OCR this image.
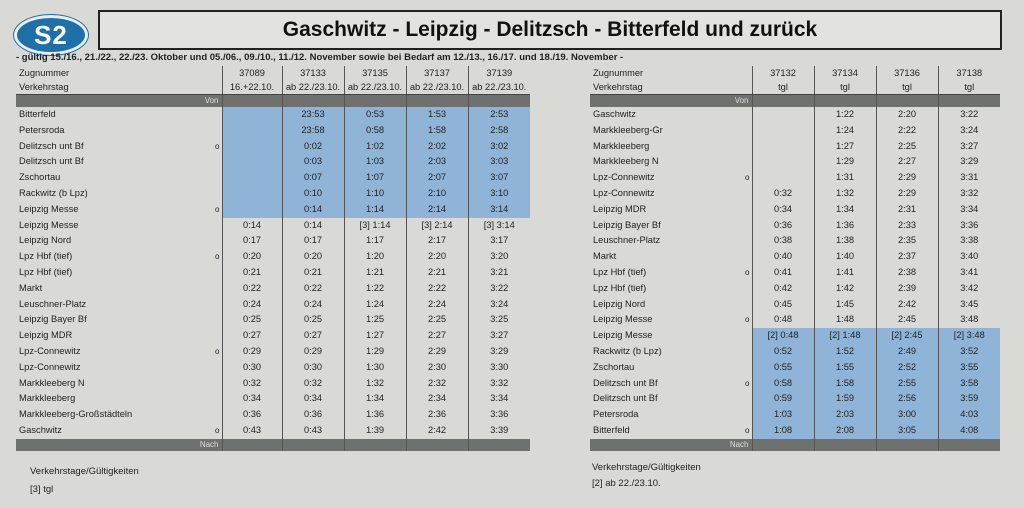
S2	Gaschwitz - Leipzig - Delitzsch - Bitterfeld und zurück
- gültig 15./16., 21./22., 22./23. Oktober und 05./06., 09./10., 11./12. November sowie bei Bedarf am 12./13., 16./17. und 18./19. November -
Zugnummer	37089	37133	37135	37137	37139
Verkehrstag	16.+22.10.	ab 22./23.10.	ab 22./23.10.	ab 22./23.10.	ab 22./23.10.
Von					
Bitterfeld		23:53	0:53	1:53	2:53
Petersroda		23:58	0:58	1:58	2:58
Delitzsch unt Bf o		0:02	1:02	2:02	3:02
Delitzsch unt Bf		0:03	1:03	2:03	3:03
Zschortau		0:07	1:07	2:07	3:07
Rackwitz (b Lpz)		0:10	1:10	2:10	3:10
Leipzig Messe o		0:14	1:14	2:14	3:14
Leipzig Messe	0:14	0:14	[3] 1:14	[3] 2:14	[3] 3:14
Leipzig Nord	0:17	0:17	1:17	2:17	3:17
Lpz Hbf (tief) o	0:20	0:20	1:20	2:20	3:20
Lpz Hbf (tief)	0:21	0:21	1:21	2:21	3:21
Markt	0:22	0:22	1:22	2:22	3:22
Leuschner-Platz	0:24	0:24	1:24	2:24	3:24
Leipzig Bayer Bf	0:25	0:25	1:25	2:25	3:25
Leipzig MDR	0:27	0:27	1:27	2:27	3:27
Lpz-Connewitz o	0:29	0:29	1:29	2:29	3:29
Lpz-Connewitz	0:30	0:30	1:30	2:30	3:30
Markkleeberg N	0:32	0:32	1:32	2:32	3:32
Markkleeberg	0:34	0:34	1:34	2:34	3:34
Markkleeberg-Großstädteln	0:36	0:36	1:36	2:36	3:36
Gaschwitz o	0:43	0:43	1:39	2:42	3:39
Nach					
Zugnummer	37132	37134	37136	37138
Verkehrstag	tgl	tgl	tgl	tgl
Von				
Gaschwitz		1:22	2:20	3:22
Markkleeberg-Gr		1:24	2:22	3:24
Markkleeberg		1:27	2:25	3:27
Markkleeberg N		1:29	2:27	3:29
Lpz-Connewitz o		1:31	2:29	3:31
Lpz-Connewitz	0:32	1:32	2:29	3:32
Leipzig MDR	0:34	1:34	2:31	3:34
Leipzig Bayer Bf	0:36	1:36	2:33	3:36
Leuschner-Platz	0:38	1:38	2:35	3:38
Markt	0:40	1:40	2:37	3:40
Lpz Hbf (tief) o	0:41	1:41	2:38	3:41
Lpz Hbf (tief)	0:42	1:42	2:39	3:42
Leipzig Nord	0:45	1:45	2:42	3:45
Leipzig Messe o	0:48	1:48	2:45	3:48
Leipzig Messe	[2] 0:48	[2] 1:48	[2] 2:45	[2] 3:48
Rackwitz (b Lpz)	0:52	1:52	2:49	3:52
Zschortau	0:55	1:55	2:52	3:55
Delitzsch unt Bf o	0:58	1:58	2:55	3:58
Delitzsch unt Bf	0:59	1:59	2:56	3:59
Petersroda	1:03	2:03	3:00	4:03
Bitterfeld o	1:08	2:08	3:05	4:08
Nach				
Verkehrstage/Gültigkeiten
[3] tgl
Verkehrstage/Gültigkeiten
[2] ab 22./23.10.
